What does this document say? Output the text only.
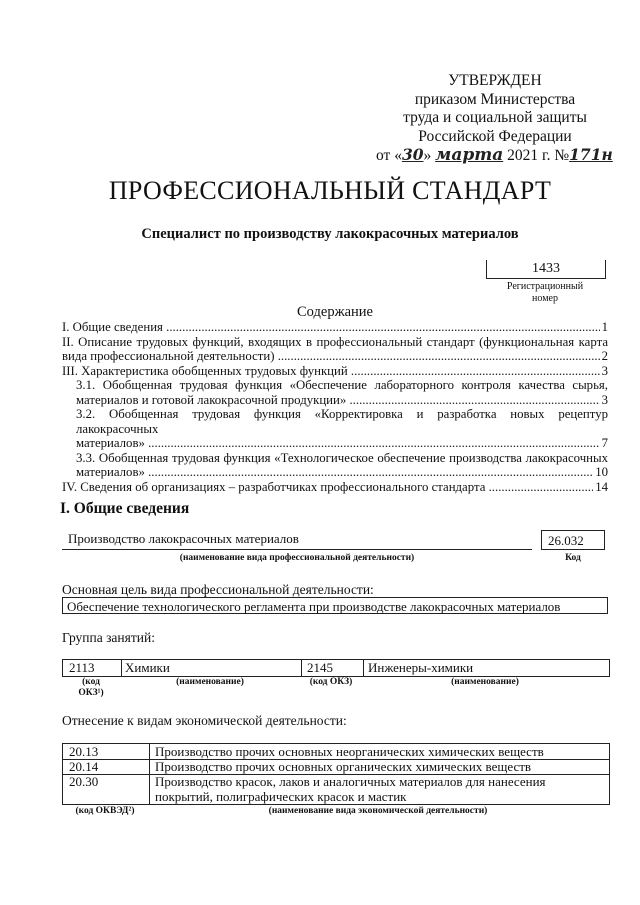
УТВЕРЖДЕН
приказом Министерства
труда и социальной защиты
Российской Федерации
от «30» марта 2021 г. №171н
ПРОФЕССИОНАЛЬНЫЙ СТАНДАРТ
Специалист по производству лакокрасочных материалов
1433
Регистрационный
номер
Содержание
I. Общие сведения .....	1
II. Описание трудовых функций, входящих в профессиональный стандарт (функциональная карта
вида профессиональной деятельности) .....	2
III. Характеристика обобщенных трудовых функций .....	3
3.1. Обобщенная трудовая функция «Обеспечение лабораторного контроля качества сырья,
материалов и готовой лакокрасочной продукции» .....	3
3.2. Обобщенная трудовая функция «Корректировка и разработка новых рецептур лакокрасочных
материалов» .....	7
3.3. Обобщенная трудовая функция «Технологическое обеспечение производства лакокрасочных
материалов» .....	10
IV. Сведения об организациях – разработчиках профессионального стандарта .....	14
I. Общие сведения
Производство лакокрасочных материалов
(наименование вида профессиональной деятельности)
26.032
Код
Основная цель вида профессиональной деятельности:
Обеспечение технологического регламента при производстве лакокрасочных материалов
Группа занятий:
2113 Химики	2145	Инженеры-химики
(код
ОКЗ¹)
(наименование)	(код ОКЗ)	(наименование)
Отнесение к видам экономической деятельности:
20.13	Производство прочих основных неорганических химических веществ
20.14	Производство прочих основных органических химических веществ
20.30	Производство красок, лаков и аналогичных материалов для нанесения
покрытий, полиграфических красок и мастик
(код ОКВЭД²)	(наименование вида экономической деятельности)
